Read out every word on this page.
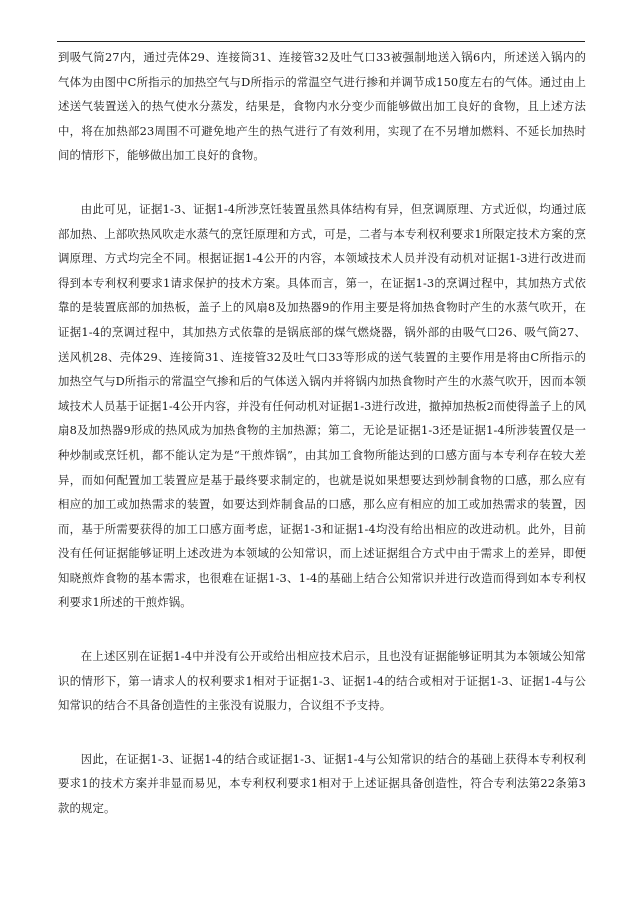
到吸气筒27内，通过壳体29、连接筒31、连接管32及吐气口33被强制地送入锅6内，所述送入锅内的气体为由图中C所指示的加热空气与D所指示的常温空气进行掺和并调节成150度左右的气体。通过由上述送气装置送入的热气使水分蒸发，结果是，食物内水分变少而能够做出加工良好的食物，且上述方法中，将在加热部23周围不可避免地产生的热气进行了有效利用，实现了在不另增加燃料、不延长加热时间的情形下，能够做出加工良好的食物。

由此可见，证据1-3、证据1-4所涉烹饪装置虽然具体结构有异，但烹调原理、方式近似，均通过底部加热、上部吹热风吹走水蒸气的烹饪原理和方式，可是，二者与本专利权利要求1所限定技术方案的烹调原理、方式均完全不同。根据证据1-4公开的内容，本领域技术人员并没有动机对证据1-3进行改进而得到本专利权利要求1请求保护的技术方案。具体而言，第一，在证据1-3的烹调过程中，其加热方式依靠的是装置底部的加热板，盖子上的风扇8及加热器9的作用主要是将加热食物时产生的水蒸气吹开，在证据1-4的烹调过程中，其加热方式依靠的是锅底部的煤气燃烧器，锅外部的由吸气口26、吸气筒27、送风机28、壳体29、连接筒31、连接管32及吐气口33等形成的送气装置的主要作用是将由C所指示的加热空气与D所指示的常温空气掺和后的气体送入锅内并将锅内加热食物时产生的水蒸气吹开，因而本领域技术人员基于证据1-4公开内容，并没有任何动机对证据1-3进行改进，撤掉加热板2而使得盖子上的风扇8及加热器9形成的热风成为加热食物的主加热源；第二，无论是证据1-3还是证据1-4所涉装置仅是一种炒制或烹饪机，都不能认定为是“干煎炸锅”，由其加工食物所能达到的口感方面与本专利存在较大差异，而如何配置加工装置应是基于最终要求制定的，也就是说如果想要达到炒制食物的口感，那么应有相应的加工或加热需求的装置，如要达到炸制食品的口感，那么应有相应的加工或加热需求的装置，因而，基于所需要获得的加工口感方面考虑，证据1-3和证据1-4均没有给出相应的改进动机。此外，目前没有任何证据能够证明上述改进为本领域的公知常识，而上述证据组合方式中由于需求上的差异，即便知晓煎炸食物的基本需求，也很难在证据1-3、1-4的基础上结合公知常识并进行改造而得到如本专利权利要求1所述的干煎炸锅。

在上述区别在证据1-4中并没有公开或给出相应技术启示，且也没有证据能够证明其为本领域公知常识的情形下，第一请求人的权利要求1相对于证据1-3、证据1-4的结合或相对于证据1-3、证据1-4与公知常识的结合不具备创造性的主张没有说服力，合议组不予支持。

因此，在证据1-3、证据1-4的结合或证据1-3、证据1-4与公知常识的结合的基础上获得本专利权利要求1的技术方案并非显而易见，本专利权利要求1相对于上述证据具备创造性，符合专利法第22条第3款的规定。
